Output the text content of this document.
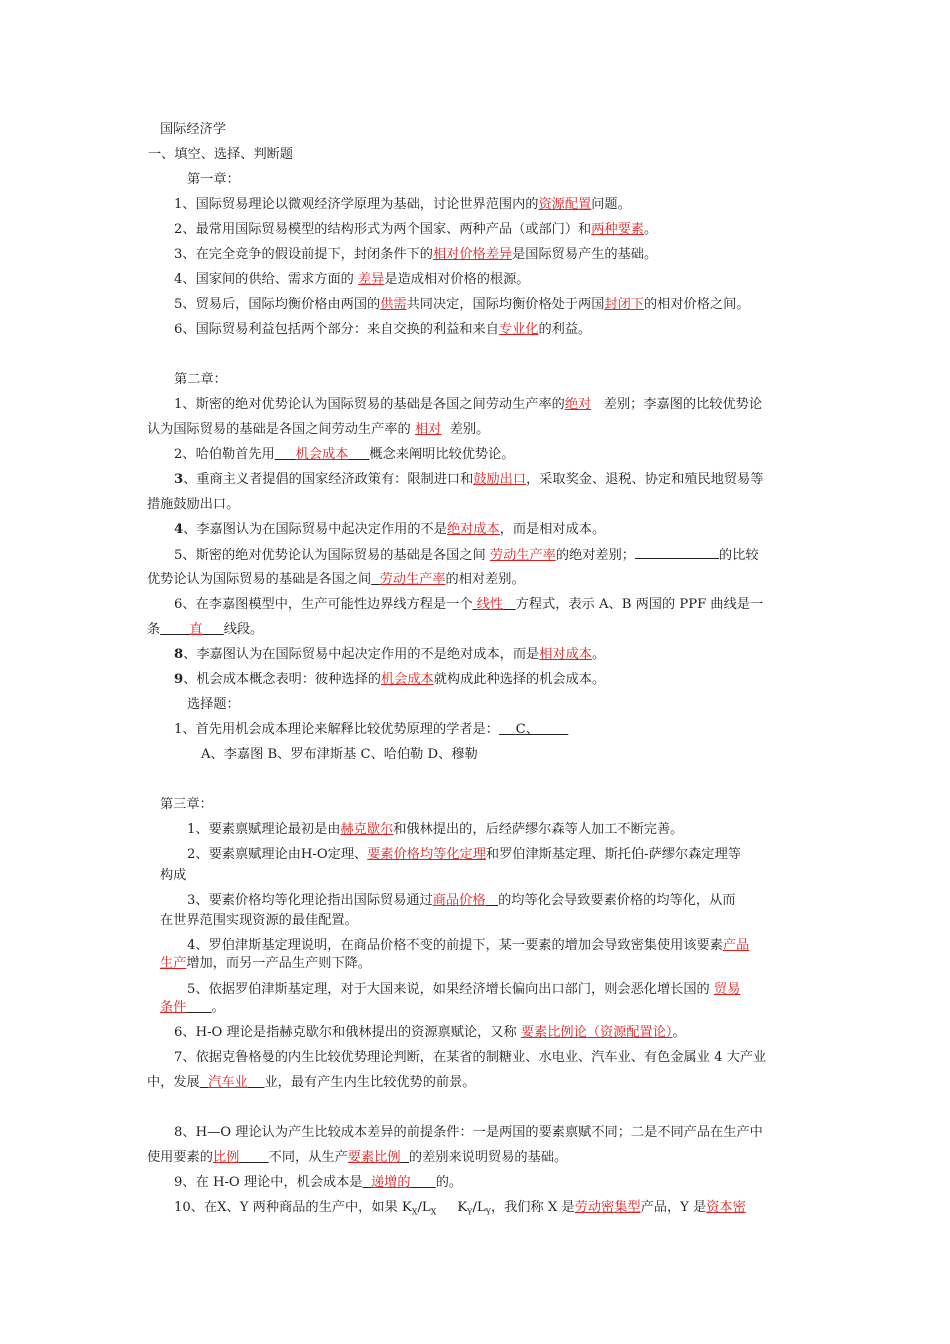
国际经济学
一、填空、选择、判断题
第一章：
1、国际贸易理论以微观经济学原理为基础，讨论世界范围内的资源配置问题。
2、最常用国际贸易模型的结构形式为两个国家、两种产品（或部门）和两种要素。
3、在完全竞争的假设前提下，封闭条件下的相对价格差异是国际贸易产生的基础。
4、国家间的供给、需求方面的 差异是造成相对价格的根源。
5、贸易后，国际均衡价格由两国的供需共同决定，国际均衡价格处于两国封闭下的相对价格之间。
6、国际贸易利益包括两个部分：来自交换的利益和来自专业化的利益。
第二章：
1、斯密的绝对优势论认为国际贸易的基础是各国之间劳动生产率的绝对 差别；李嘉图的比较优势论
认为国际贸易的基础是各国之间劳动生产率的 相对 差别。
2、哈伯勒首先用 机会成本 概念来阐明比较优势论。
3、重商主义者提倡的国家经济政策有：限制进口和鼓励出口，采取奖金、退税、协定和殖民地贸易等
措施鼓励出口。
4、李嘉图认为在国际贸易中起决定作用的不是绝对成本，而是相对成本。
5、斯密的绝对优势论认为国际贸易的基础是各国之间 劳动生产率的绝对差别；	的比较
优势论认为国际贸易的基础是各国之间 劳动生产率的相对差别。
6、在李嘉图模型中，生产可能性边界线方程是一个 线性 方程式，表示 A、B 两国的 PPF 曲线是一
条 直 线段。
8、李嘉图认为在国际贸易中起决定作用的不是绝对成本，而是相对成本。
9、机会成本概念表明：彼种选择的机会成本就构成此种选择的机会成本。
选择题：
1、首先用机会成本理论来解释比较优势原理的学者是： C、
A、李嘉图 B、罗布津斯基 C、哈伯勒 D、穆勒
第三章：
1、要素禀赋理论最初是由赫克歇尔和俄林提出的，后经萨缪尔森等人加工不断完善。
2、要素禀赋理论由H-O定理、要素价格均等化定理和罗伯津斯基定理、斯托伯-萨缪尔森定理等
构成
3、要素价格均等化理论指出国际贸易通过商品价格 的均等化会导致要素价格的均等化，从而
在世界范围实现资源的最佳配置。
4、罗伯津斯基定理说明，在商品价格不变的前提下，某一要素的增加会导致密集使用该要素产品
生产增加，而另一产品生产则下降。
5、依据罗伯津斯基定理，对于大国来说，如果经济增长偏向出口部门，则会恶化增长国的 贸易
条件 。
6、H-O 理论是指赫克歇尔和俄林提出的资源禀赋论，又称 要素比例论（资源配置论）。
7、依据克鲁格曼的内生比较优势理论判断，在某省的制糖业、水电业、汽车业、有色金属业 4 大产业
中，发展 汽车业 业，最有产生内生比较优势的前景。
8、H—O 理论认为产生比较成本差异的前提条件：一是两国的要素禀赋不同；二是不同产品在生产中
使用要素的比例 不同，从生产要素比例 的差别来说明贸易的基础。
9、在 H-O 理论中，机会成本是 递增的 的。
10、在X、Y 两种商品的生产中，如果 $K_X/L_X$ $K_Y/L_Y$，我们称 X 是劳动密集型产品，Y 是资本密
